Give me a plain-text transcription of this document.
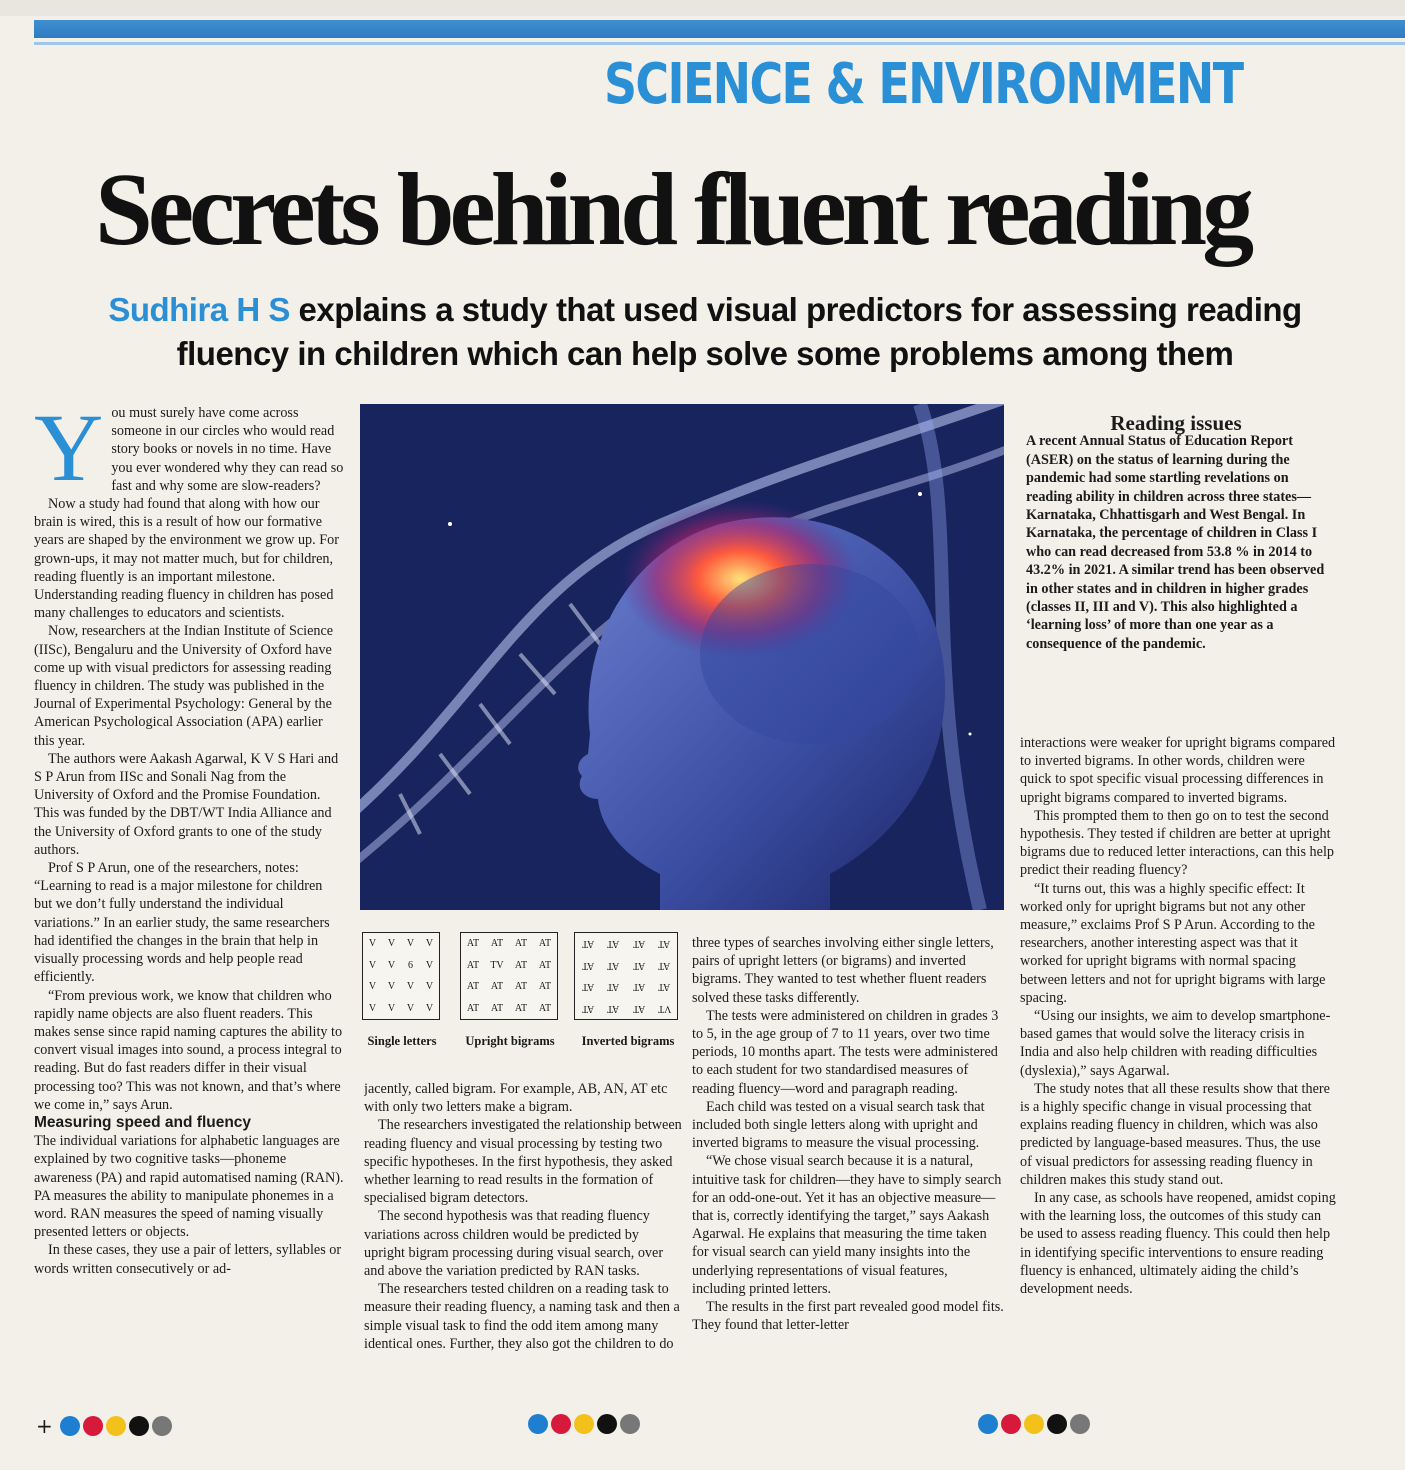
SCIENCE & ENVIRONMENT
Secrets behind fluent reading
Sudhira H S explains a study that used visual predictors for assessing reading
fluency in children which can help solve some problems among them
Y ou must surely have come across someone in our circles who would read story books or novels in no time. Have you ever wondered why they can read so fast and why some are slow-readers?

Now a study had found that along with how our brain is wired, this is a result of how our formative years are shaped by the environment we grow up. For grown-ups, it may not matter much, but for children, reading fluently is an important milestone. Understanding reading fluency in children has posed many challenges to educators and scientists.

Now, researchers at the Indian Institute of Science (IISc), Bengaluru and the University of Oxford have come up with visual predictors for assessing reading fluency in children. The study was published in the Journal of Experimental Psychology: General by the American Psychological Association (APA) earlier this year.

The authors were Aakash Agarwal, K V S Hari and S P Arun from IISc and Sonali Nag from the University of Oxford and the Promise Foundation. This was funded by the DBT/WT India Alliance and the University of Oxford grants to one of the study authors.

Prof S P Arun, one of the researchers, notes: “Learning to read is a major milestone for children but we don’t fully understand the individual variations.” In an earlier study, the same researchers had identified the changes in the brain that help in visually processing words and help people read efficiently.

“From previous work, we know that children who rapidly name objects are also fluent readers. This makes sense since rapid naming captures the ability to convert visual images into sound, a process integral to reading. But do fast readers differ in their visual processing too? This was not known, and that’s where we come in,” says Arun.

Measuring speed and fluency

The individual variations for alphabetic languages are explained by two cognitive tasks—phoneme awareness (PA) and rapid automatised naming (RAN). PA measures the ability to manipulate phonemes in a word. RAN measures the speed of naming visually presented letters or objects.

In these cases, they use a pair of letters, syllables or words written consecutively or ad-

V V V V
V V 6 V
V V V V
V V V V
AT AT AT AT
AT TV AT AT
AT AT AT AT
AT AT AT AT
AT AT AT AT
AT AT AT AT
AT AT AT AT
AT AT AT VT
Single letters	Upright bigrams Inverted bigrams

jacently, called bigram. For example, AB, AN, AT etc with only two letters make a bigram.

The researchers investigated the relationship between reading fluency and visual processing by testing two specific hypotheses. In the first hypothesis, they asked whether learning to read results in the formation of specialised bigram detectors.

The second hypothesis was that reading fluency variations across children would be predicted by upright bigram processing during visual search, over and above the variation predicted by RAN tasks.

The researchers tested children on a reading task to measure their reading fluency, a naming task and then a simple visual task to find the odd item among many identical ones. Further, they also got the children to do

three types of searches involving either single letters, pairs of upright letters (or bigrams) and inverted bigrams. They wanted to test whether fluent readers solved these tasks differently.

The tests were administered on children in grades 3 to 5, in the age group of 7 to 11 years, over two time periods, 10 months apart. The tests were administered to each student for two standardised measures of reading fluency—word and paragraph reading.

Each child was tested on a visual search task that included both single letters along with upright and inverted bigrams to measure the visual processing.

“We chose visual search because it is a natural, intuitive task for children—they have to simply search for an odd-one-out. Yet it has an objective measure—that is, correctly identifying the target,” says Aakash Agarwal. He explains that measuring the time taken for visual search can yield many insights into the underlying representations of visual features, including printed letters.

The results in the first part revealed good model fits. They found that letter-letter

Reading issues

A recent Annual Status of Education Report (ASER) on the status of learning during the pandemic had some startling revelations on reading ability in children across three states—Karnataka, Chhattisgarh and West Bengal. In Karnataka, the percentage of children in Class I who can read decreased from 53.8 % in 2014 to 43.2% in 2021. A similar trend has been observed in other states and in children in higher grades (classes II, III and V). This also highlighted a ‘learning loss’ of more than one year as a consequence of the pandemic.

interactions were weaker for upright bigrams compared to inverted bigrams. In other words, children were quick to spot specific visual processing differences in upright bigrams compared to inverted bigrams.

This prompted them to then go on to test the second hypothesis. They tested if children are better at upright bigrams due to reduced letter interactions, can this help predict their reading fluency?

“It turns out, this was a highly specific effect: It worked only for upright bigrams but not any other measure,” exclaims Prof S P Arun. According to the researchers, another interesting aspect was that it worked for upright bigrams with normal spacing between letters and not for upright bigrams with large spacing.

“Using our insights, we aim to develop smartphone-based games that would solve the literacy crisis in India and also help children with reading difficulties (dyslexia),” says Agarwal.

The study notes that all these results show that there is a highly specific change in visual processing that explains reading fluency in children, which was also predicted by language-based measures. Thus, the use of visual predictors for assessing reading fluency in children makes this study stand out.

In any case, as schools have reopened, amidst coping with the learning loss, the outcomes of this study can be used to assess reading fluency. This could then help in identifying specific interventions to ensure reading fluency is enhanced, ultimately aiding the child’s development needs.

+
